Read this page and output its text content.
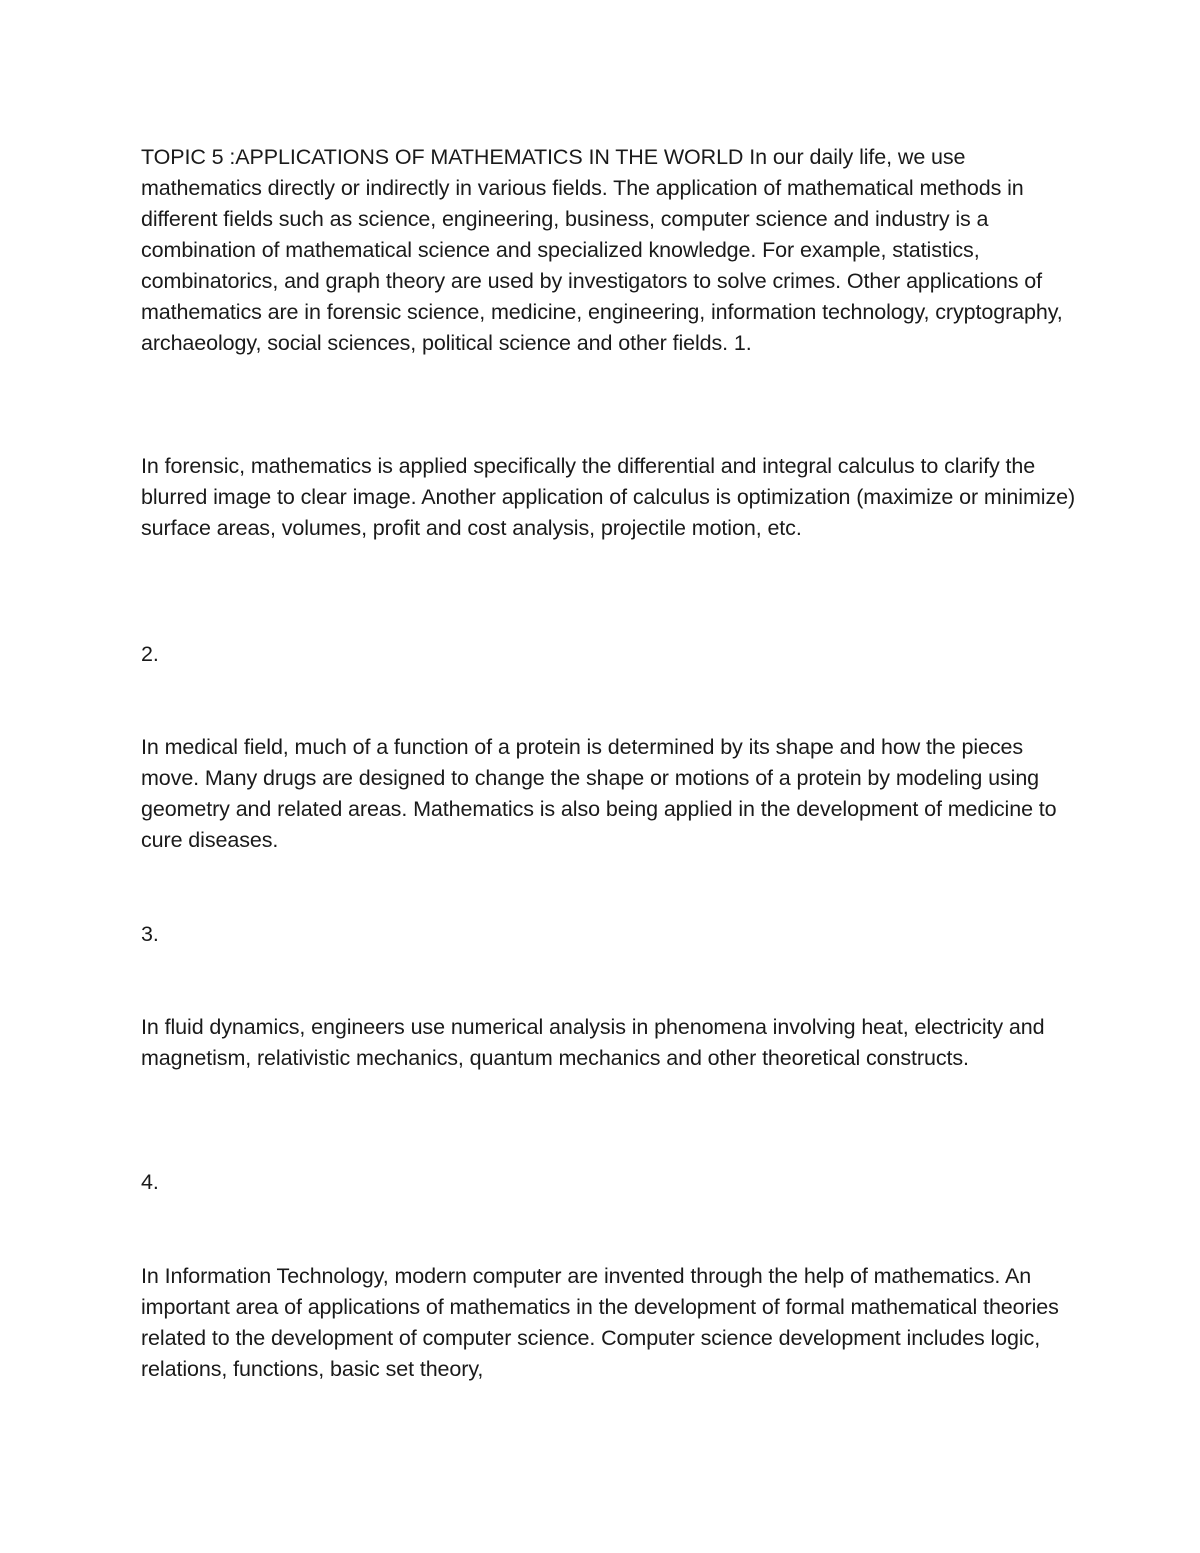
TOPIC 5 :APPLICATIONS OF MATHEMATICS IN THE WORLD In our daily life, we use mathematics directly or indirectly in various fields. The application of mathematical methods in different fields such as science, engineering, business, computer science and industry is a combination of mathematical science and specialized knowledge. For example, statistics, combinatorics, and graph theory are used by investigators to solve crimes. Other applications of mathematics are in forensic science, medicine, engineering, information technology, cryptography, archaeology, social sciences, political science and other fields. 1.

In forensic, mathematics is applied specifically the differential and integral calculus to clarify the blurred image to clear image. Another application of calculus is optimization (maximize or minimize) surface areas, volumes, profit and cost analysis, projectile motion, etc.

2.

In medical field, much of a function of a protein is determined by its shape and how the pieces move. Many drugs are designed to change the shape or motions of a protein by modeling using geometry and related areas. Mathematics is also being applied in the development of medicine to cure diseases.

3.

In fluid dynamics, engineers use numerical analysis in phenomena involving heat, electricity and magnetism, relativistic mechanics, quantum mechanics and other theoretical constructs.

4.

In Information Technology, modern computer are invented through the help of mathematics. An important area of applications of mathematics in the development of formal mathematical theories related to the development of computer science. Computer science development includes logic, relations, functions, basic set theory,
